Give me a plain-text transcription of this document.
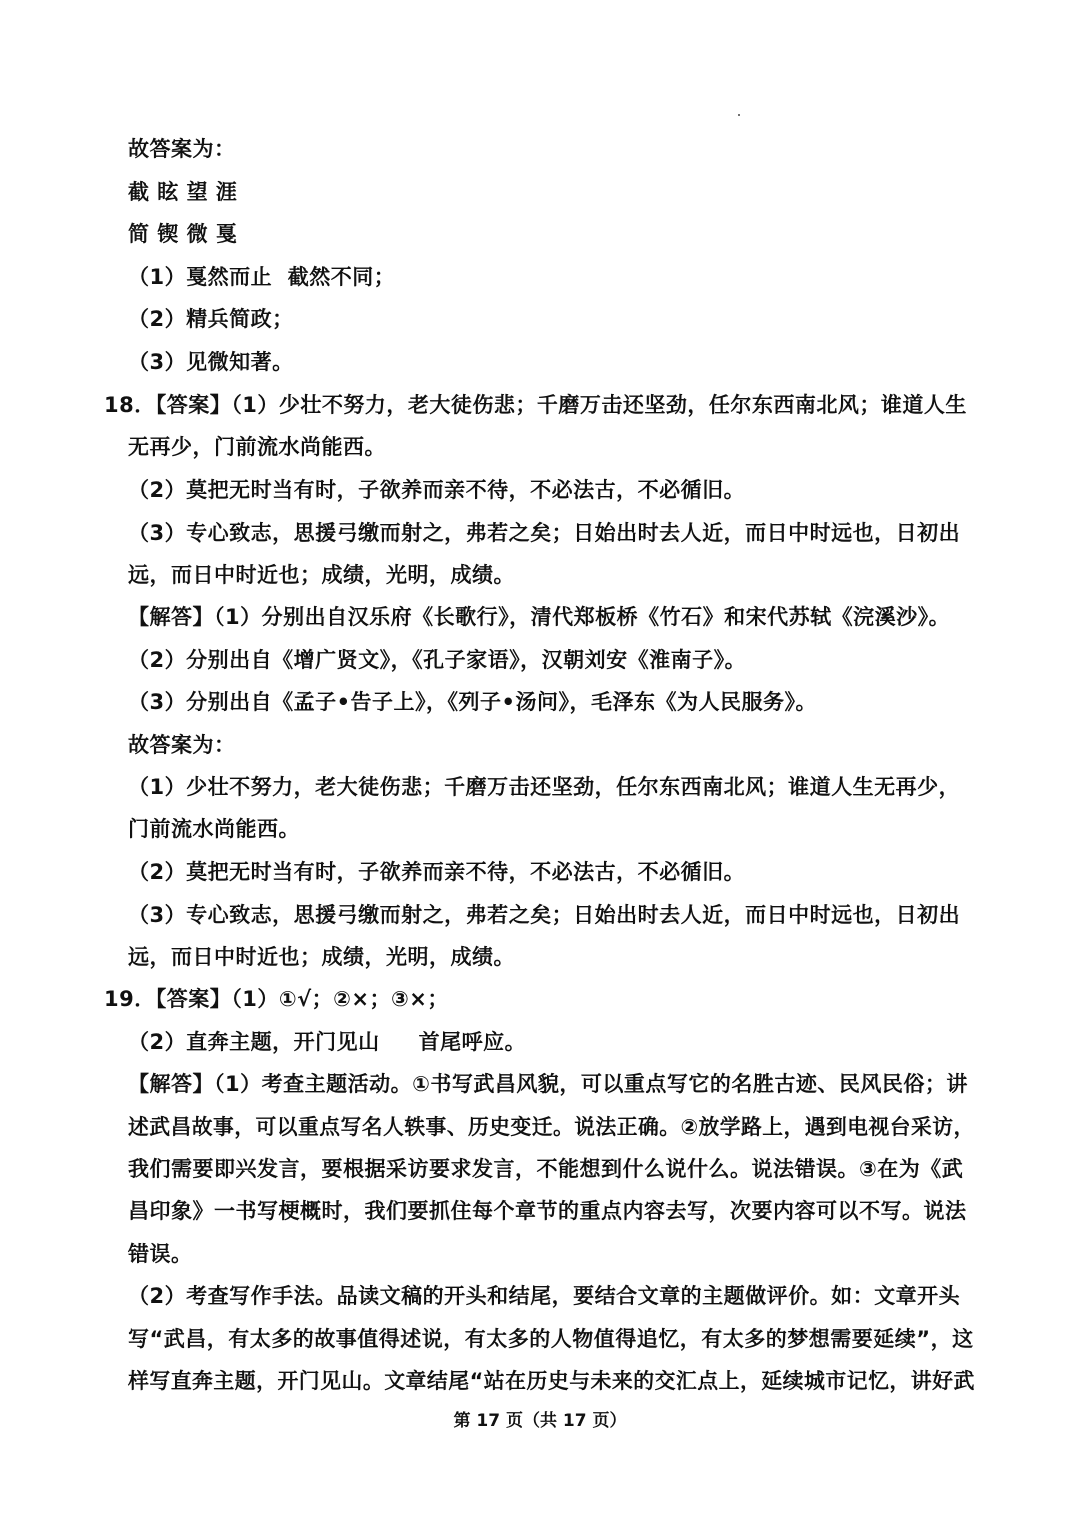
故答案为：
截 眩 望 涯
简 锲 微 戛
（1）戛然而止  截然不同；
（2）精兵简政；
（3）见微知著。
18．【答案】（1）少壮不努力，老大徒伤悲；千磨万击还坚劲，任尔东西南北风；谁道人生
无再少，门前流水尚能西。
（2）莫把无时当有时，子欲养而亲不待，不必法古，不必循旧。
（3）专心致志，思援弓缴而射之，弗若之矣；日始出时去人近，而日中时远也，日初出
远，而日中时近也；成绩，光明，成绩。
【解答】（1）分别出自汉乐府《长歌行》，清代郑板桥《竹石》和宋代苏轼《浣溪沙》。
（2）分别出自《增广贤文》，《孔子家语》，汉朝刘安《淮南子》。
（3）分别出自《孟子•告子上》，《列子•汤问》，毛泽东《为人民服务》。
故答案为：
（1）少壮不努力，老大徒伤悲；千磨万击还坚劲，任尔东西南北风；谁道人生无再少，
门前流水尚能西。
（2）莫把无时当有时，子欲养而亲不待，不必法古，不必循旧。
（3）专心致志，思援弓缴而射之，弗若之矣；日始出时去人近，而日中时远也，日初出
远，而日中时近也；成绩，光明，成绩。
19．【答案】（1）①√；②×；③×；
（2）直奔主题，开门见山     首尾呼应。
【解答】（1）考查主题活动。①书写武昌风貌，可以重点写它的名胜古迹、民风民俗；讲
述武昌故事，可以重点写名人轶事、历史变迁。说法正确。②放学路上，遇到电视台采访，
我们需要即兴发言，要根据采访要求发言，不能想到什么说什么。说法错误。③在为《武
昌印象》一书写梗概时，我们要抓住每个章节的重点内容去写，次要内容可以不写。说法
错误。
（2）考查写作手法。品读文稿的开头和结尾，要结合文章的主题做评价。如：文章开头
写“武昌，有太多的故事值得述说，有太多的人物值得追忆，有太多的梦想需要延续”，这
样写直奔主题，开门见山。文章结尾“站在历史与未来的交汇点上，延续城市记忆，讲好武
第 17 页（共 17 页）
